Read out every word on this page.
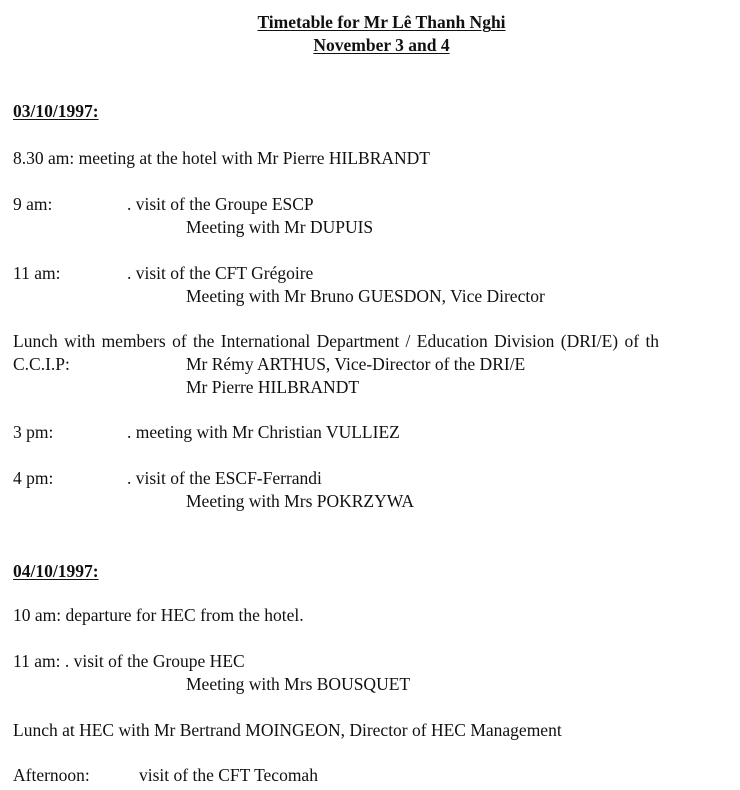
Timetable for Mr Lê Thanh Nghi
November 3 and 4
03/10/1997:
8.30 am: meeting at the hotel with Mr Pierre HILBRANDT
9 am:	. visit of the Groupe ESCP
Meeting with Mr DUPUIS
11 am:	. visit of the CFT Grégoire
Meeting with Mr Bruno GUESDON, Vice Director
Lunch with members of the International Department / Education Division (DRI/E) of th
C.C.I.P:	Mr Rémy ARTHUS, Vice-Director of the DRI/E
Mr Pierre HILBRANDT
3 pm:	. meeting with Mr Christian VULLIEZ
4 pm:	. visit of the ESCF-Ferrandi
Meeting with Mrs POKRZYWA
04/10/1997:
10 am: departure for HEC from the hotel.
11 am: . visit of the Groupe HEC
Meeting with Mrs BOUSQUET
Lunch at HEC with Mr Bertrand MOINGEON, Director of HEC Management
Afternoon:	visit of the CFT Tecomah
